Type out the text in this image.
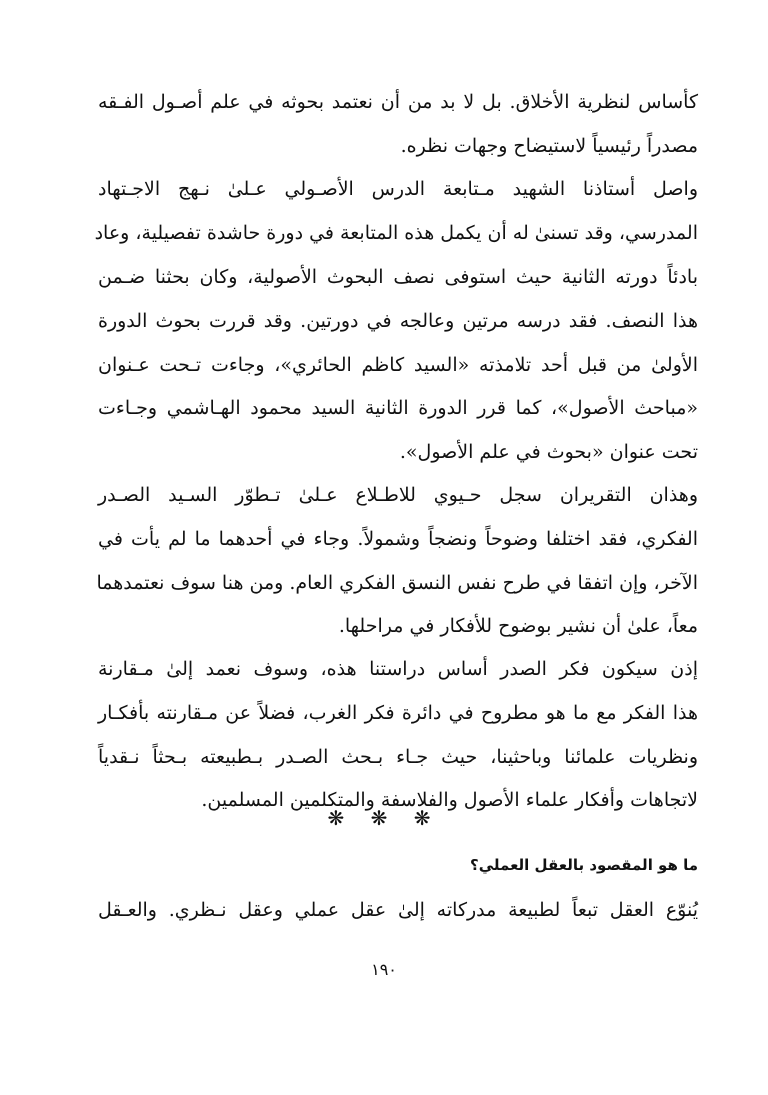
كأساس لنظرية الأخلاق. بل لا بد من أن نعتمد بحوثه في علم أصـول الفـقه
مصدراً رئيسياً لاستيضاح وجهات نظره.
واصل أستاذنا الشهيد مـتابعة الدرس الأصـولي عـلىٰ نـهج الاجـتهاد
المدرسي، وقد تسنىٰ له أن يكمل هذه المتابعة في دورة حاشدة تفصيلية، وعاد
بادئاً دورته الثانية حيث استوفى نصف البحوث الأصولية، وكان بحثنا ضـمن
هذا النصف. فقد درسه مرتين وعالجه في دورتين. وقد قررت بحوث الدورة
الأولىٰ من قبل أحد تلامذته «السيد كاظم الحائري»، وجاءت تـحت عـنوان
«مباحث الأصول»، كما قرر الدورة الثانية السيد محمود الهـاشمي وجـاءت
تحت عنوان «بحوث في علم الأصول».
وهذان التقريران سجل حـيوي للاطـلاع عـلىٰ تـطوّر السـيد الصـدر
الفكري، فقد اختلفا وضوحاً ونضجاً وشمولاً. وجاء في أحدهما ما لم يأت في
الآخر، وإن اتفقا في طرح نفس النسق الفكري العام. ومن هنا سوف نعتمدهما
معاً، علىٰ أن نشير بوضوح للأفكار في مراحلها.
إذن سيكون فكر الصدر أساس دراستنا هذه، وسوف نعمد إلىٰ مـقارنة
هذا الفكر مع ما هو مطروح في دائرة فكر الغرب، فضلاً عن مـقارنته بأفكـار
ونظريات علمائنا وباحثينا، حيث جـاء بـحث الصـدر بـطبيعته بـحثاً نـقدياً
لاتجاهات وأفكار علماء الأصول والفلاسفة والمتكلمين المسلمين.
❋ ❋ ❋
ما هو المقصود بالعقل العملي؟
يُنوّع العقل تبعاً لطبيعة مدركاته إلىٰ عقل عملي وعقل نـظري. والعـقل
١٩٠
